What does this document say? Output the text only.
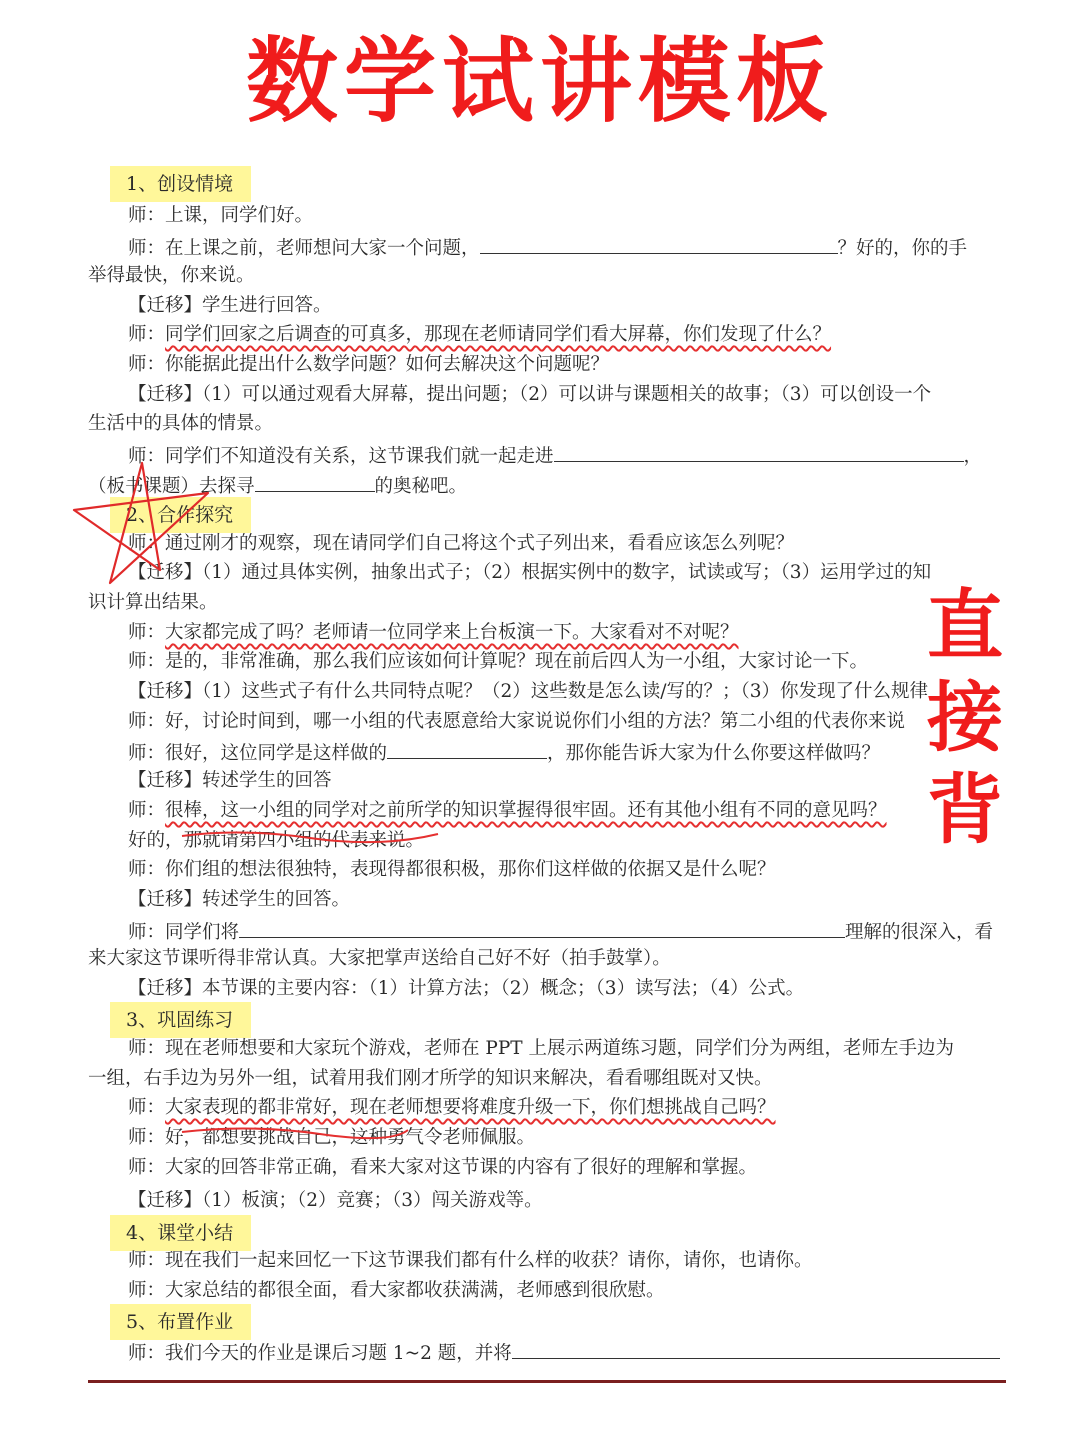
数学试讲模板
1、创设情境
师：上课，同学们好。
师：在上课之前，老师想问大家一个问题，	？好的，你的手
举得最快，你来说。
【迁移】学生进行回答。
师：同学们回家之后调查的可真多，那现在老师请同学们看大屏幕，你们发现了什么？
师：你能据此提出什么数学问题？如何去解决这个问题呢？
【迁移】（1）可以通过观看大屏幕，提出问题；（2）可以讲与课题相关的故事；（3）可以创设一个
生活中的具体的情景。
师：同学们不知道没有关系，这节课我们就一起走进	，
（板书课题）去探寻	的奥秘吧。
2、合作探究
师：通过刚才的观察，现在请同学们自己将这个式子列出来，看看应该怎么列呢？
【迁移】（1）通过具体实例，抽象出式子；（2）根据实例中的数字，试读或写；（3）运用学过的知
识计算出结果。
师：大家都完成了吗？老师请一位同学来上台板演一下。大家看对不对呢？
师：是的，非常准确，那么我们应该如何计算呢？现在前后四人为一小组，大家讨论一下。
【迁移】（1）这些式子有什么共同特点呢？（2）这些数是怎么读/写的？；（3）你发现了什么规律
师：好，讨论时间到，哪一小组的代表愿意给大家说说你们小组的方法？第二小组的代表你来说
师：很好，这位同学是这样做的	，那你能告诉大家为什么你要这样做吗？
【迁移】转述学生的回答
师：很棒，这一小组的同学对之前所学的知识掌握得很牢固。还有其他小组有不同的意见吗？
好的，那就请第四小组的代表来说。
师：你们组的想法很独特，表现得都很积极，那你们这样做的依据又是什么呢？
【迁移】转述学生的回答。
师：同学们将	理解的很深入，看
来大家这节课听得非常认真。大家把掌声送给自己好不好（拍手鼓掌）。
【迁移】本节课的主要内容：（1）计算方法；（2）概念；（3）读写法；（4）公式。
3、巩固练习
师：现在老师想要和大家玩个游戏，老师在 PPT 上展示两道练习题，同学们分为两组，老师左手边为
一组，右手边为另外一组，试着用我们刚才所学的知识来解决，看看哪组既对又快。
师：大家表现的都非常好，现在老师想要将难度升级一下，你们想挑战自己吗？
师：好，都想要挑战自己，这种勇气令老师佩服。
师：大家的回答非常正确，看来大家对这节课的内容有了很好的理解和掌握。
【迁移】（1）板演；（2）竞赛；（3）闯关游戏等。
4、课堂小结
师：现在我们一起来回忆一下这节课我们都有什么样的收获？请你，请你，也请你。
师：大家总结的都很全面，看大家都收获满满，老师感到很欣慰。
5、布置作业
师：我们今天的作业是课后习题 1~2 题，并将
直
接
背
